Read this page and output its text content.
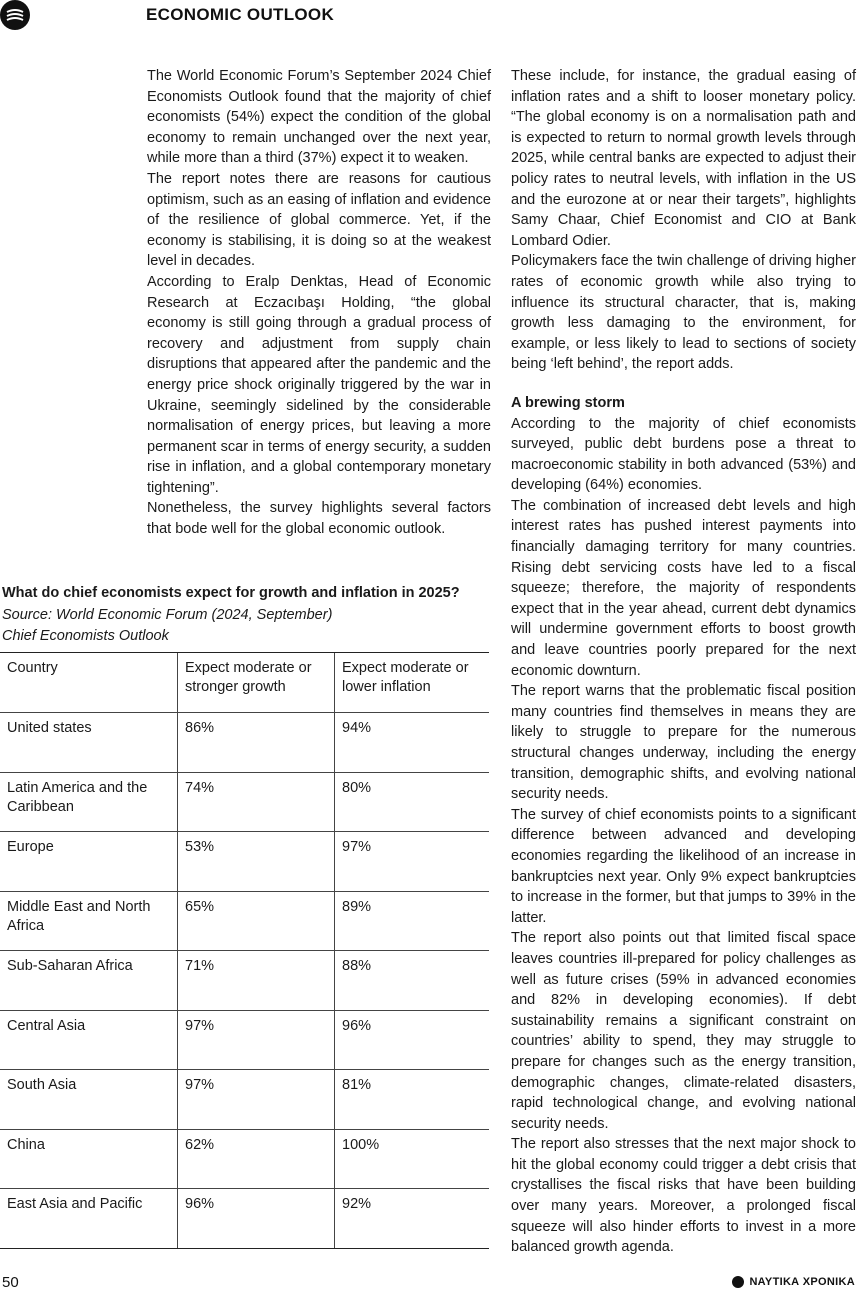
ECONOMIC OUTLOOK

The World Economic Forum’s September 2024 Chief Economists Outlook found that the majority of chief economists (54%) expect the condition of the global economy to remain unchanged over the next year, while more than a third (37%) expect it to weaken.

The report notes there are reasons for cautious optimism, such as an easing of inflation and evidence of the resilience of global commerce. Yet, if the economy is stabilising, it is doing so at the weakest level in decades.

According to Eralp Denktas, Head of Economic Research at Eczacıbaşı Holding, “the global economy is still going through a gradual process of recovery and adjustment from supply chain disruptions that appeared after the pandemic and the energy price shock originally triggered by the war in Ukraine, seemingly sidelined by the considerable normalisation of energy prices, but leaving a more permanent scar in terms of energy security, a sudden rise in inflation, and a global contemporary monetary tightening”.

Nonetheless, the survey highlights several factors that bode well for the global economic outlook.

What do chief economists expect for growth and inflation in 2025?
Source: World Economic Forum (2024, September)
Chief Economists Outlook
Country	Expect moderate or stronger growth	Expect moderate or lower inflation
United states	86%	94%
Latin America and the Caribbean	74%	80%
Europe	53%	97%
Middle East and North Africa	65%	89%
Sub-Saharan Africa	71%	88%
Central Asia	97%	96%
South Asia	97%	81%
China	62%	100%
East Asia and Pacific	96%	92%

These include, for instance, the gradual easing of inflation rates and a shift to looser monetary policy. “The global economy is on a normalisation path and is expected to return to normal growth levels through 2025, while central banks are expected to adjust their policy rates to neutral levels, with inflation in the US and the eurozone at or near their targets”, highlights Samy Chaar, Chief Economist and CIO at Bank Lombard Odier.

Policymakers face the twin challenge of driving higher rates of economic growth while also trying to influence its structural character, that is, making growth less damaging to the environment, for example, or less likely to lead to sections of society being ‘left behind’, the report adds.

A brewing storm

According to the majority of chief economists surveyed, public debt burdens pose a threat to macroeconomic stability in both advanced (53%) and developing (64%) economies.

The combination of increased debt levels and high interest rates has pushed interest payments into financially damaging territory for many countries. Rising debt servicing costs have led to a fiscal squeeze; therefore, the majority of respondents expect that in the year ahead, current debt dynamics will undermine government efforts to boost growth and leave countries poorly prepared for the next economic downturn.

The report warns that the problematic fiscal position many countries find themselves in means they are likely to struggle to prepare for the numerous structural changes underway, including the energy transition, demographic shifts, and evolving national security needs.

The survey of chief economists points to a significant difference between advanced and developing economies regarding the likelihood of an increase in bankruptcies next year. Only 9% expect bankruptcies to increase in the former, but that jumps to 39% in the latter.

The report also points out that limited fiscal space leaves countries ill-prepared for policy challenges as well as future crises (59% in advanced economies and 82% in developing economies). If debt sustainability remains a significant constraint on countries’ ability to spend, they may struggle to prepare for changes such as the energy transition, demographic changes, climate-related disasters, rapid technological change, and evolving national security needs.

The report also stresses that the next major shock to hit the global economy could trigger a debt crisis that crystallises the fiscal risks that have been building over many years. Moreover, a prolonged fiscal squeeze will also hinder efforts to invest in a more balanced growth agenda.

50	ΝΑΥΤΙΚΑ ΧΡΟΝΙΚΑ
